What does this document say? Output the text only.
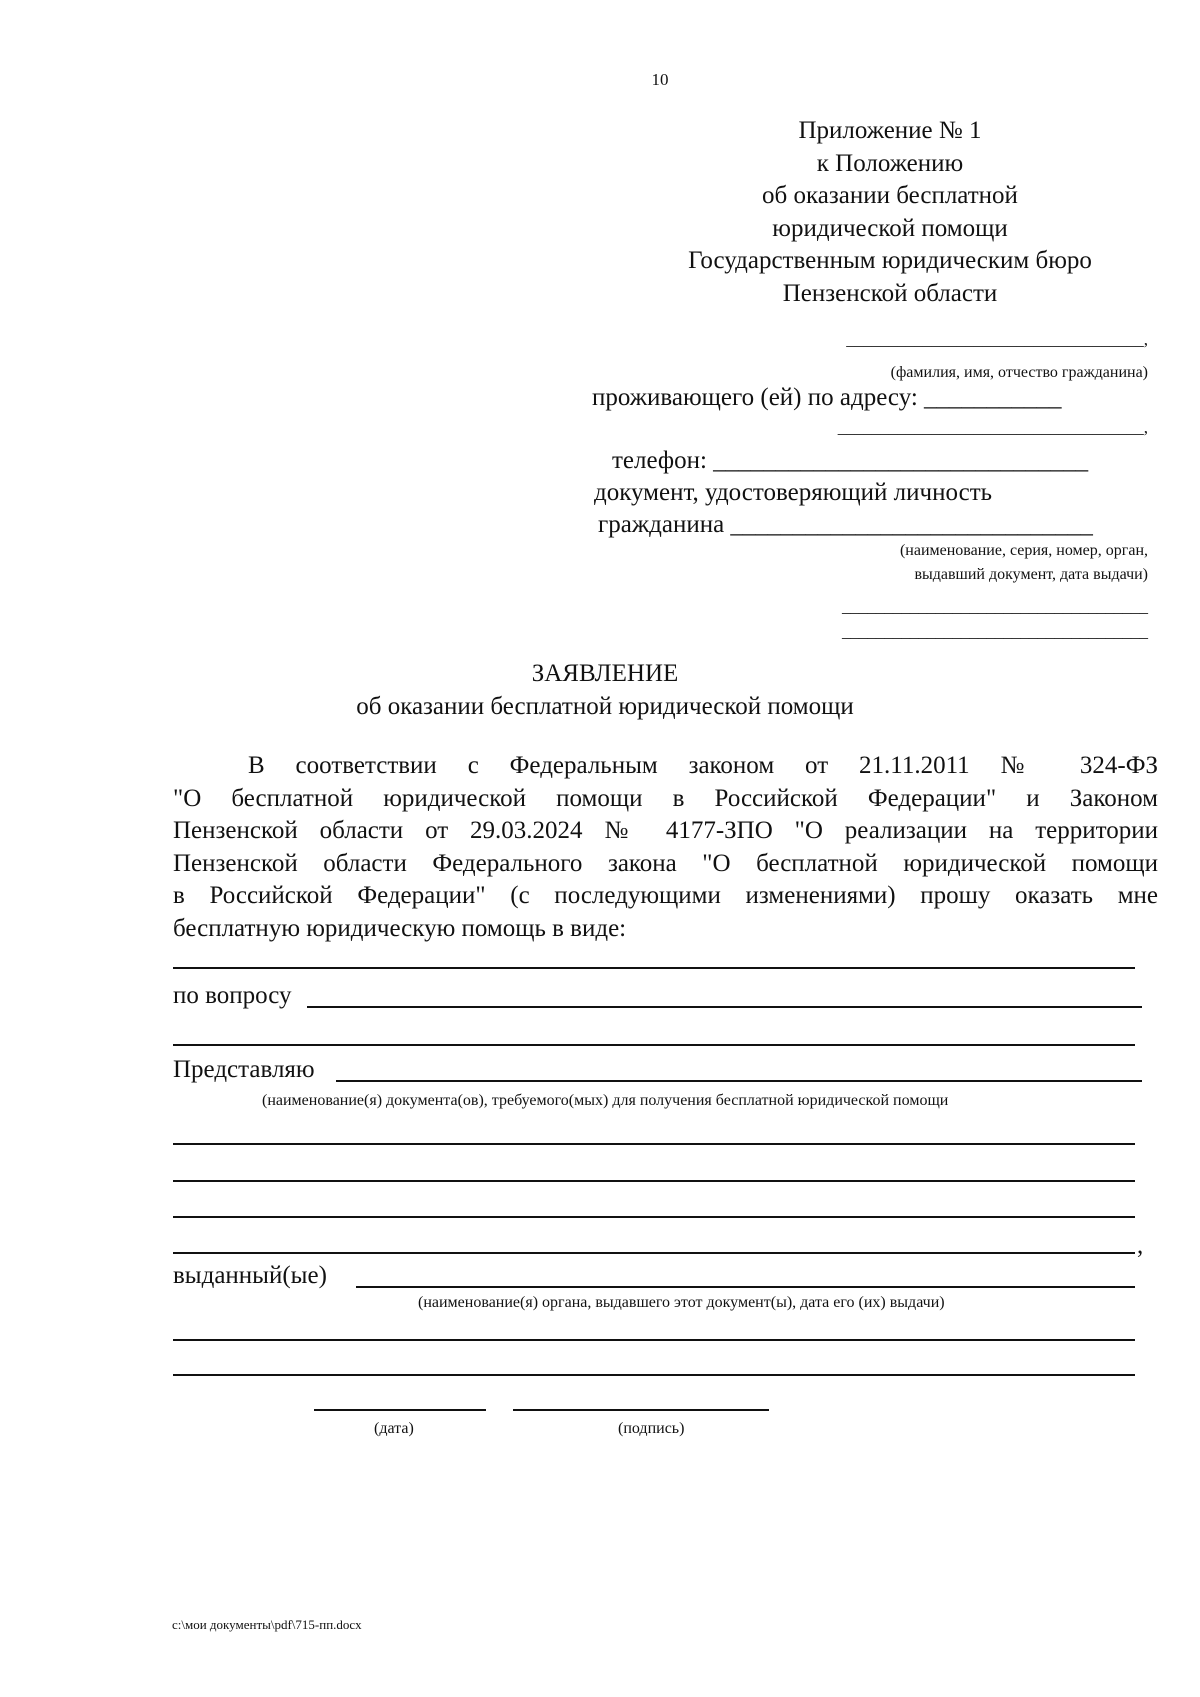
10
Приложение № 1
к Положению
об оказании бесплатной
юридической помощи
Государственным юридическим бюро
Пензенской области
___________________________________,
(фамилия, имя, отчество гражданина)
проживающего (ей) по адресу: ___________
____________________________________,
телефон: ______________________________
документ, удостоверяющий личность
гражданина _____________________________
(наименование, серия, номер, орган,
выдавший документ, дата выдачи)
____________________________________
____________________________________
ЗАЯВЛЕНИЕ
об оказании бесплатной юридической помощи
В соответствии с Федеральным законом от 21.11.2011 № 324-ФЗ
"О бесплатной юридической помощи в Российской Федерации" и Законом
Пензенской области от 29.03.2024 № 4177-ЗПО "О реализации на территории
Пензенской области Федерального закона "О бесплатной юридической помощи
в Российской Федерации" (с последующими изменениями) прошу оказать мне
бесплатную юридическую помощь в виде:
по вопросу
Представляю
(наименование(я) документа(ов), требуемого(мых) для получения бесплатной юридической помощи
,
выданный(ые)
(наименование(я) органа, выдавшего этот документ(ы), дата его (их) выдачи)
(дата)	(подпись)
c:\мои документы\pdf\715-пп.docx
